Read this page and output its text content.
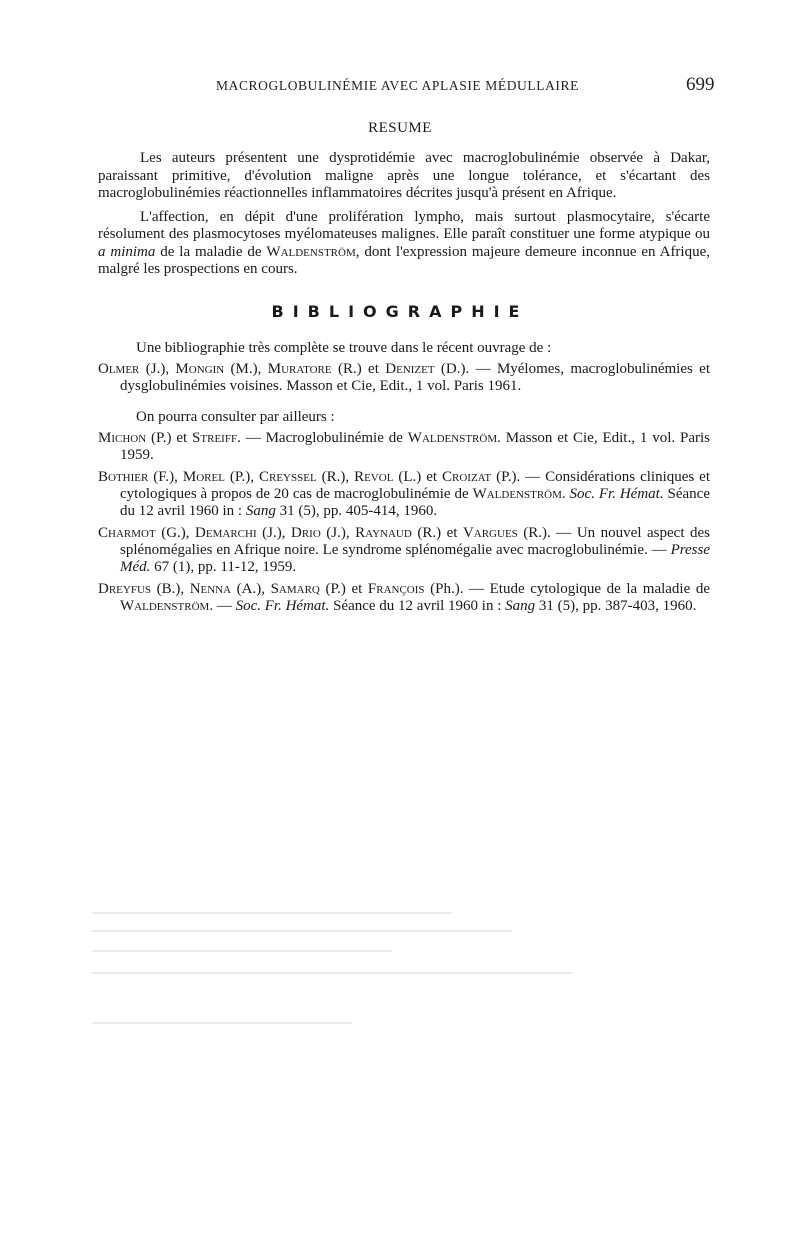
MACROGLOBULINÉMIE AVEC APLASIE MÉDULLAIRE	699
RESUME

Les auteurs présentent une dysprotidémie avec macroglobulinémie observée à Dakar, paraissant primitive, d'évolution maligne après une longue tolérance, et s'écartant des macroglobulinémies réactionnelles inflammatoires décrites jusqu'à présent en Afrique.

L'affection, en dépit d'une prolifération lympho, mais surtout plasmocytaire, s'écarte résolument des plasmocytoses myélomateuses malignes. Elle paraît constituer une forme atypique ou a minima de la maladie de Waldenström, dont l'expression majeure demeure inconnue en Afrique, malgré les prospections en cours.

BIBLIOGRAPHIE

Une bibliographie très complète se trouve dans le récent ouvrage de :

Olmer (J.), Mongin (M.), Muratore (R.) et Denizet (D.). — Myélomes, macroglobulinémies et dysglobulinémies voisines. Masson et Cie, Edit., 1 vol. Paris 1961.

On pourra consulter par ailleurs :

Michon (P.) et Streiff. — Macroglobulinémie de Waldenström. Masson et Cie, Edit., 1 vol. Paris 1959.

Bothier (F.), Morel (P.), Creyssel (R.), Revol (L.) et Croizat (P.). — Considérations cliniques et cytologiques à propos de 20 cas de macroglobulinémie de Waldenström. Soc. Fr. Hémat. Séance du 12 avril 1960 in : Sang 31 (5), pp. 405-414, 1960.

Charmot (G.), Demarchi (J.), Drio (J.), Raynaud (R.) et Vargues (R.). — Un nouvel aspect des splénomégalies en Afrique noire. Le syndrome splénomégalie avec macroglobulinémie. — Presse Méd. 67 (1), pp. 11-12, 1959.

Dreyfus (B.), Nenna (A.), Samarq (P.) et François (Ph.). — Etude cytologique de la maladie de Waldenström. — Soc. Fr. Hémat. Séance du 12 avril 1960 in : Sang 31 (5), pp. 387-403, 1960.
